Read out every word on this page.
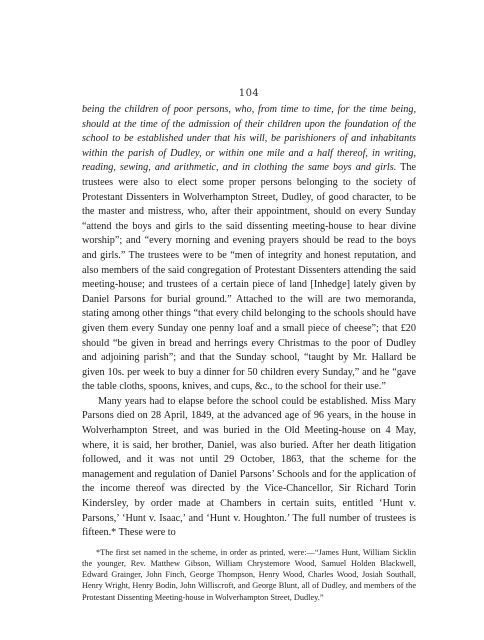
104

being the children of poor persons, who, from time to time, for the time being, should at the time of the admission of their children upon the foundation of the school to be established under that his will, be parishioners of and inhabitants within the parish of Dudley, or within one mile and a half thereof, in writing, reading, sewing, and arithmetic, and in clothing the same boys and girls. The trustees were also to elect some proper persons belonging to the society of Protestant Dissenters in Wolverhampton Street, Dudley, of good character, to be the master and mistress, who, after their appointment, should on every Sunday “attend the boys and girls to the said dissenting meeting-house to hear divine worship”; and “every morning and evening prayers should be read to the boys and girls.” The trustees were to be “men of integrity and honest reputation, and also members of the said congregation of Protestant Dissenters attending the said meeting-house; and trustees of a certain piece of land [Inhedge] lately given by Daniel Parsons for burial ground.” Attached to the will are two memoranda, stating among other things “that every child belonging to the schools should have given them every Sunday one penny loaf and a small piece of cheese”; that £20 should “be given in bread and herrings every Christmas to the poor of Dudley and adjoining parish”; and that the Sunday school, “taught by Mr. Hallard be given 10s. per week to buy a dinner for 50 children every Sunday,” and he “gave the table cloths, spoons, knives, and cups, &c., to the school for their use.”

Many years had to elapse before the school could be established. Miss Mary Parsons died on 28 April, 1849, at the advanced age of 96 years, in the house in Wolverhampton Street, and was buried in the Old Meeting-house on 4 May, where, it is said, her brother, Daniel, was also buried. After her death litigation followed, and it was not until 29 October, 1863, that the scheme for the management and regulation of Daniel Parsons’ Schools and for the application of the income thereof was directed by the Vice-Chancellor, Sir Richard Torin Kindersley, by order made at Chambers in certain suits, entitled ‘Hunt v. Parsons,’ ‘Hunt v. Isaac,’ and ‘Hunt v. Houghton.’ The full number of trustees is fifteen.* These were to

*The first set named in the scheme, in order as printed, were:—“James Hunt, William Sicklin the younger, Rev. Matthew Gibson, William Chrystemore Wood, Samuel Holden Blackwell, Edward Grainger, John Finch, George Thompson, Henry Wood, Charles Wood, Josiah Southall, Henry Wright, Henry Bodin, John Williscroft, and George Blunt, all of Dudley, and members of the Protestant Dissenting Meeting-house in Wolverhampton Street, Dudley.”
